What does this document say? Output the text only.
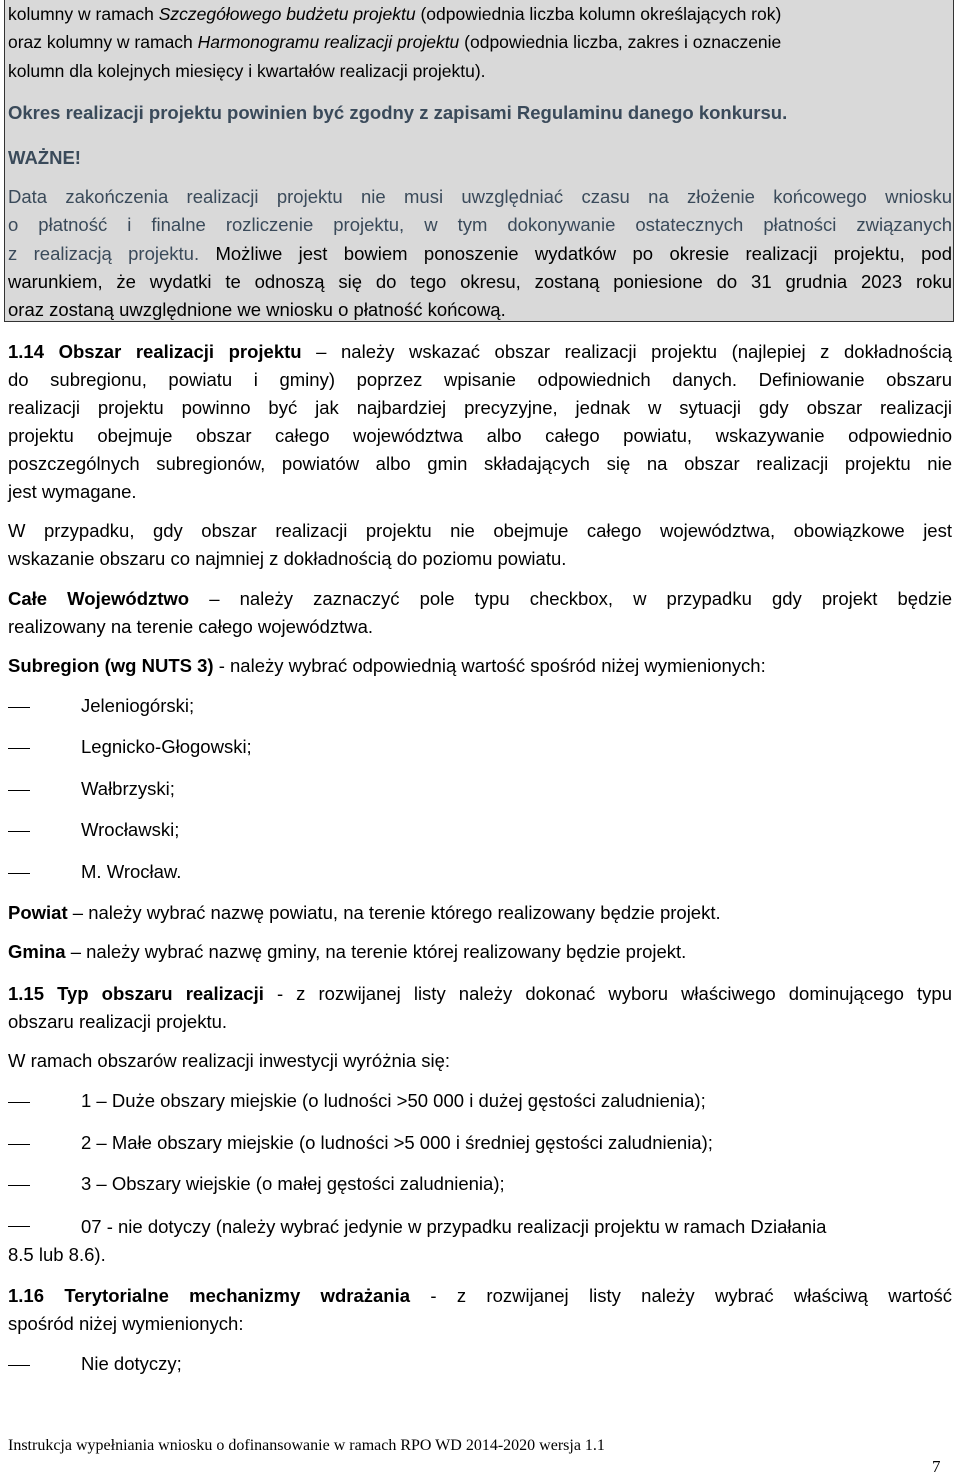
kolumny w ramach Szczegółowego budżetu projektu (odpowiednia liczba kolumn określających rok)
oraz kolumny w ramach Harmonogramu realizacji projektu (odpowiednia liczba, zakres i oznaczenie
kolumn dla kolejnych miesięcy i kwartałów realizacji projektu).
Okres realizacji projektu powinien być zgodny z zapisami Regulaminu danego konkursu.
WAŻNE!
Data zakończenia realizacji projektu nie musi uwzględniać czasu na złożenie końcowego wniosku
o płatność i finalne rozliczenie projektu, w tym dokonywanie ostatecznych płatności związanych
z realizacją projektu. Możliwe jest bowiem ponoszenie wydatków po okresie realizacji projektu, pod
warunkiem, że wydatki te odnoszą się do tego okresu, zostaną poniesione do 31 grudnia 2023 roku
oraz zostaną uwzględnione we wniosku o płatność końcową.
1.14 Obszar realizacji projektu – należy wskazać obszar realizacji projektu (najlepiej z dokładnością
do subregionu, powiatu i gminy) poprzez wpisanie odpowiednich danych. Definiowanie obszaru
realizacji projektu powinno być jak najbardziej precyzyjne, jednak w sytuacji gdy obszar realizacji
projektu obejmuje obszar całego województwa albo całego powiatu, wskazywanie odpowiednio
poszczególnych subregionów, powiatów albo gmin składających się na obszar realizacji projektu nie
jest wymagane.
W przypadku, gdy obszar realizacji projektu nie obejmuje całego województwa, obowiązkowe jest
wskazanie obszaru co najmniej z dokładnością do poziomu powiatu.
Całe Województwo – należy zaznaczyć pole typu checkbox, w przypadku gdy projekt będzie
realizowany na terenie całego województwa.
Subregion (wg NUTS 3) - należy wybrać odpowiednią wartość spośród niżej wymienionych:
Jeleniogórski;
Legnicko-Głogowski;
Wałbrzyski;
Wrocławski;
M. Wrocław.
Powiat – należy wybrać nazwę powiatu, na terenie którego realizowany będzie projekt.
Gmina – należy wybrać nazwę gminy, na terenie której realizowany będzie projekt.
1.15 Typ obszaru realizacji - z rozwijanej listy należy dokonać wyboru właściwego dominującego typu
obszaru realizacji projektu.
W ramach obszarów realizacji inwestycji wyróżnia się:
1 – Duże obszary miejskie (o ludności >50 000 i dużej gęstości zaludnienia);
2 – Małe obszary miejskie (o ludności >5 000 i średniej gęstości zaludnienia);
3 – Obszary wiejskie (o małej gęstości zaludnienia);
07 - nie dotyczy (należy wybrać jedynie w przypadku realizacji projektu w ramach Działania
8.5 lub 8.6).
1.16 Terytorialne mechanizmy wdrażania - z rozwijanej listy należy wybrać właściwą wartość
spośród niżej wymienionych:
Nie dotyczy;
Instrukcja wypełniania wniosku o dofinansowanie w ramach RPO WD 2014-2020 wersja 1.1
7
